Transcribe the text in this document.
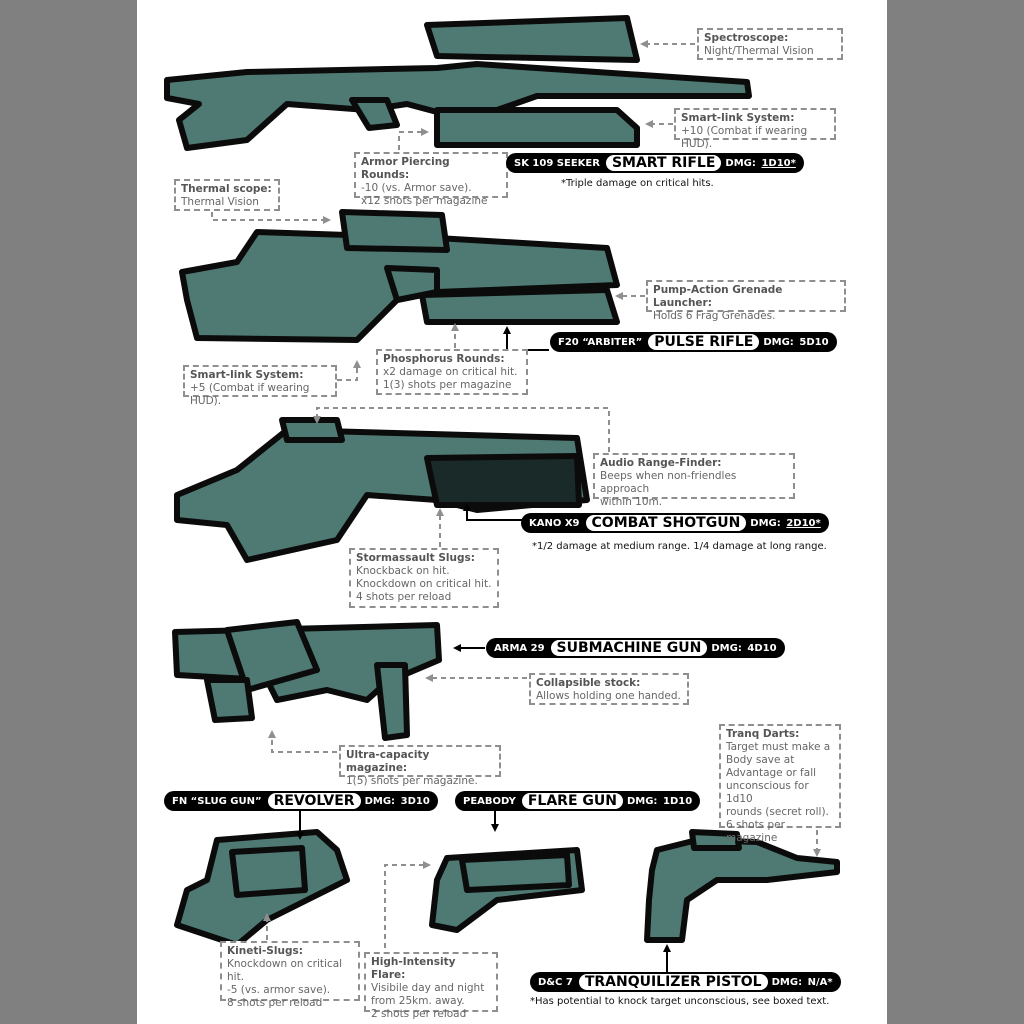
Spectroscope:
Night/Thermal Vision
Smart-link System:
+10 (Combat if wearing HUD).
Armor Piercing Rounds:
-10 (vs. Armor save).
x12 shots per magazine
Thermal scope:
Thermal Vision
Pump-Action Grenade Launcher:
Holds 6 Frag Grenades.
Smart-link System:
+5 (Combat if wearing HUD).
Phosphorus Rounds:
x2 damage on critical hit.
1(3) shots per magazine
Audio Range-Finder:
Beeps when non-friendles approach
within 10m.
Stormassault Slugs:
Knockback on hit.
Knockdown on critical hit.
4 shots per reload
Collapsible stock:
Allows holding one handed.
Ultra-capacity magazine:
1(5) shots per magazine.
Tranq Darts:
Target must make a
Body save at
Advantage or fall
unconscious for 1d10
rounds (secret roll).
6 shots per magazine
Kineti-Slugs:
Knockdown on critical hit.
-5 (vs. armor save).
8 shots per reload
High-Intensity Flare:
Visibile day and night
from 25km. away.
2 shots per reload
SK 109 SEEKER SMART RIFLE	DMG:
1D10*
*Triple damage on critical hits.
F20 “ARBITER” PULSE RIFLE	DMG:
5D10
KANO X9 COMBAT SHOTGUN	DMG:
2D10*
*1/2 damage at medium range. 1/4 damage at long range.
ARMA 29 SUBMACHINE GUN	DMG:
4D10
FN “SLUG GUN” REVOLVER	DMG:
3D10	PEABODY FLARE GUN	DMG:
1D10
D&C 7 TRANQUILIZER PISTOL	DMG:
N/A*
*Has potential to knock target unconscious, see boxed text.
